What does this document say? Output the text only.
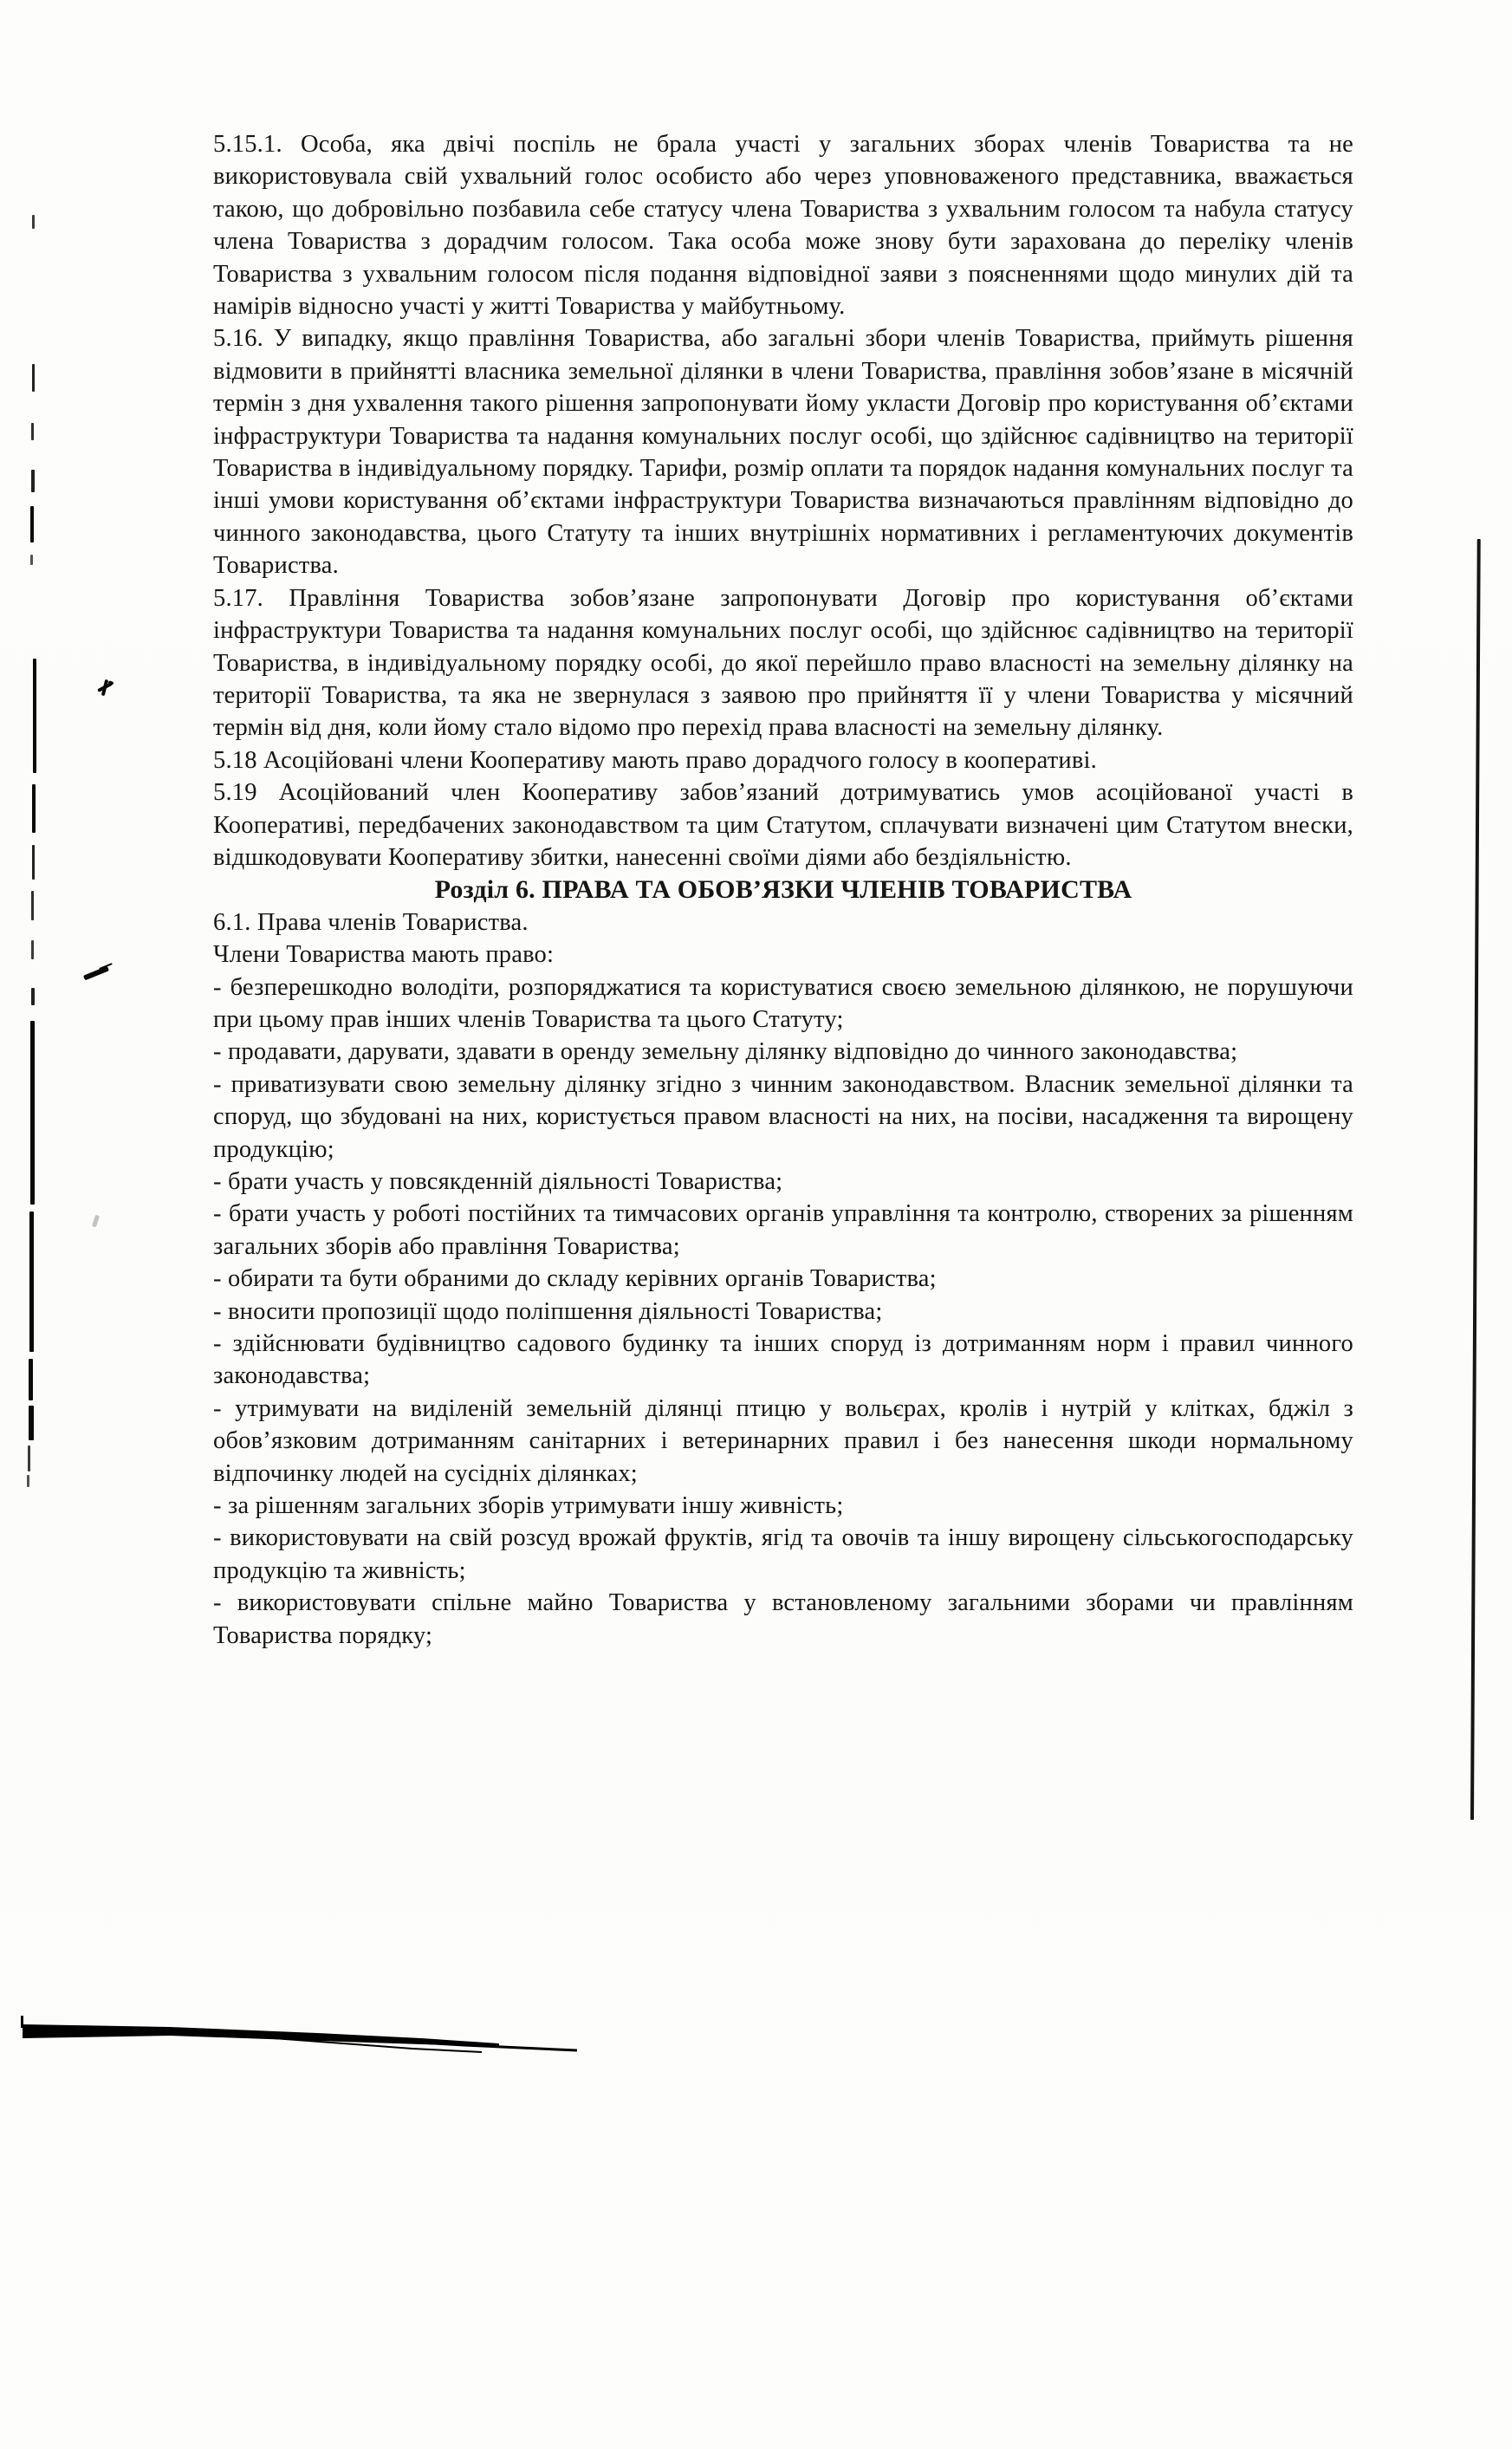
5.15.1. Особа, яка двічі поспіль не брала участі у загальних зборах членів Товариства та не використовувала свій ухвальний голос особисто або через уповноваженого представника, вважається такою, що добровільно позбавила себе статусу члена Товариства з ухвальним голосом та набула статусу члена Товариства з дорадчим голосом. Така особа може знову бути зарахована до переліку членів Товариства з ухвальним голосом після подання відповідної заяви з поясненнями щодо минулих дій та намірів відносно участі у житті Товариства у майбутньому.

5.16. У випадку, якщо правління Товариства, або загальні збори членів Товариства, приймуть рішення відмовити в прийнятті власника земельної ділянки в члени Товариства, правління зобов’язане в місячній термін з дня ухвалення такого рішення запропонувати йому укласти Договір про користування об’єктами інфраструктури Товариства та надання комунальних послуг особі, що здійснює садівництво на території Товариства в індивідуальному порядку. Тарифи, розмір оплати та порядок надання комунальних послуг та інші умови користування об’єктами інфраструктури Товариства визначаються правлінням відповідно до чинного законодавства, цього Статуту та інших внутрішніх нормативних і регламентуючих документів Товариства.

5.17. Правління Товариства зобов’язане запропонувати Договір про користування об’єктами інфраструктури Товариства та надання комунальних послуг особі, що здійснює садівництво на території Товариства, в індивідуальному порядку особі, до якої перейшло право власності на земельну ділянку на території Товариства, та яка не звернулася з заявою про прийняття її у члени Товариства у місячний термін від дня, коли йому стало відомо про перехід права власності на земельну ділянку.

5.18 Асоційовані члени Кооперативу мають право дорадчого голосу в кооперативі.

5.19 Асоційований член Кооперативу забов’язаний дотримуватись умов асоційованої участі в Кооперативі, передбачених законодавством та цим Статутом, сплачувати визначені цим Статутом внески, відшкодовувати Кооперативу збитки, нанесенні своїми діями або бездіяльністю.

Розділ 6. ПРАВА ТА ОБОВ’ЯЗКИ ЧЛЕНІВ ТОВАРИСТВА

6.1. Права членів Товариства.

Члени Товариства мають право:

- безперешкодно володіти, розпоряджатися та користуватися своєю земельною ділянкою, не порушуючи при цьому прав інших членів Товариства та цього Статуту;

- продавати, дарувати, здавати в оренду земельну ділянку відповідно до чинного законодавства;

- приватизувати свою земельну ділянку згідно з чинним законодавством. Власник земельної ділянки та споруд, що збудовані на них, користується правом власності на них, на посіви, насадження та вирощену продукцію;

- брати участь у повсякденній діяльності Товариства;

- брати участь у роботі постійних та тимчасових органів управління та контролю, створених за рішенням загальних зборів або правління Товариства;

- обирати та бути обраними до складу керівних органів Товариства;

- вносити пропозиції щодо поліпшення діяльності Товариства;

- здійснювати будівництво садового будинку та інших споруд із дотриманням норм і правил чинного законодавства;

- утримувати на виділеній земельній ділянці птицю у вольєрах, кролів і нутрій у клітках, бджіл з обов’язковим дотриманням санітарних і ветеринарних правил і без нанесення шкоди нормальному відпочинку людей на сусідніх ділянках;

- за рішенням загальних зборів утримувати іншу живність;

- використовувати на свій розсуд врожай фруктів, ягід та овочів та іншу вирощену сільськогосподарську продукцію та живність;

- використовувати спільне майно Товариства у встановленому загальними зборами чи правлінням Товариства порядку;
